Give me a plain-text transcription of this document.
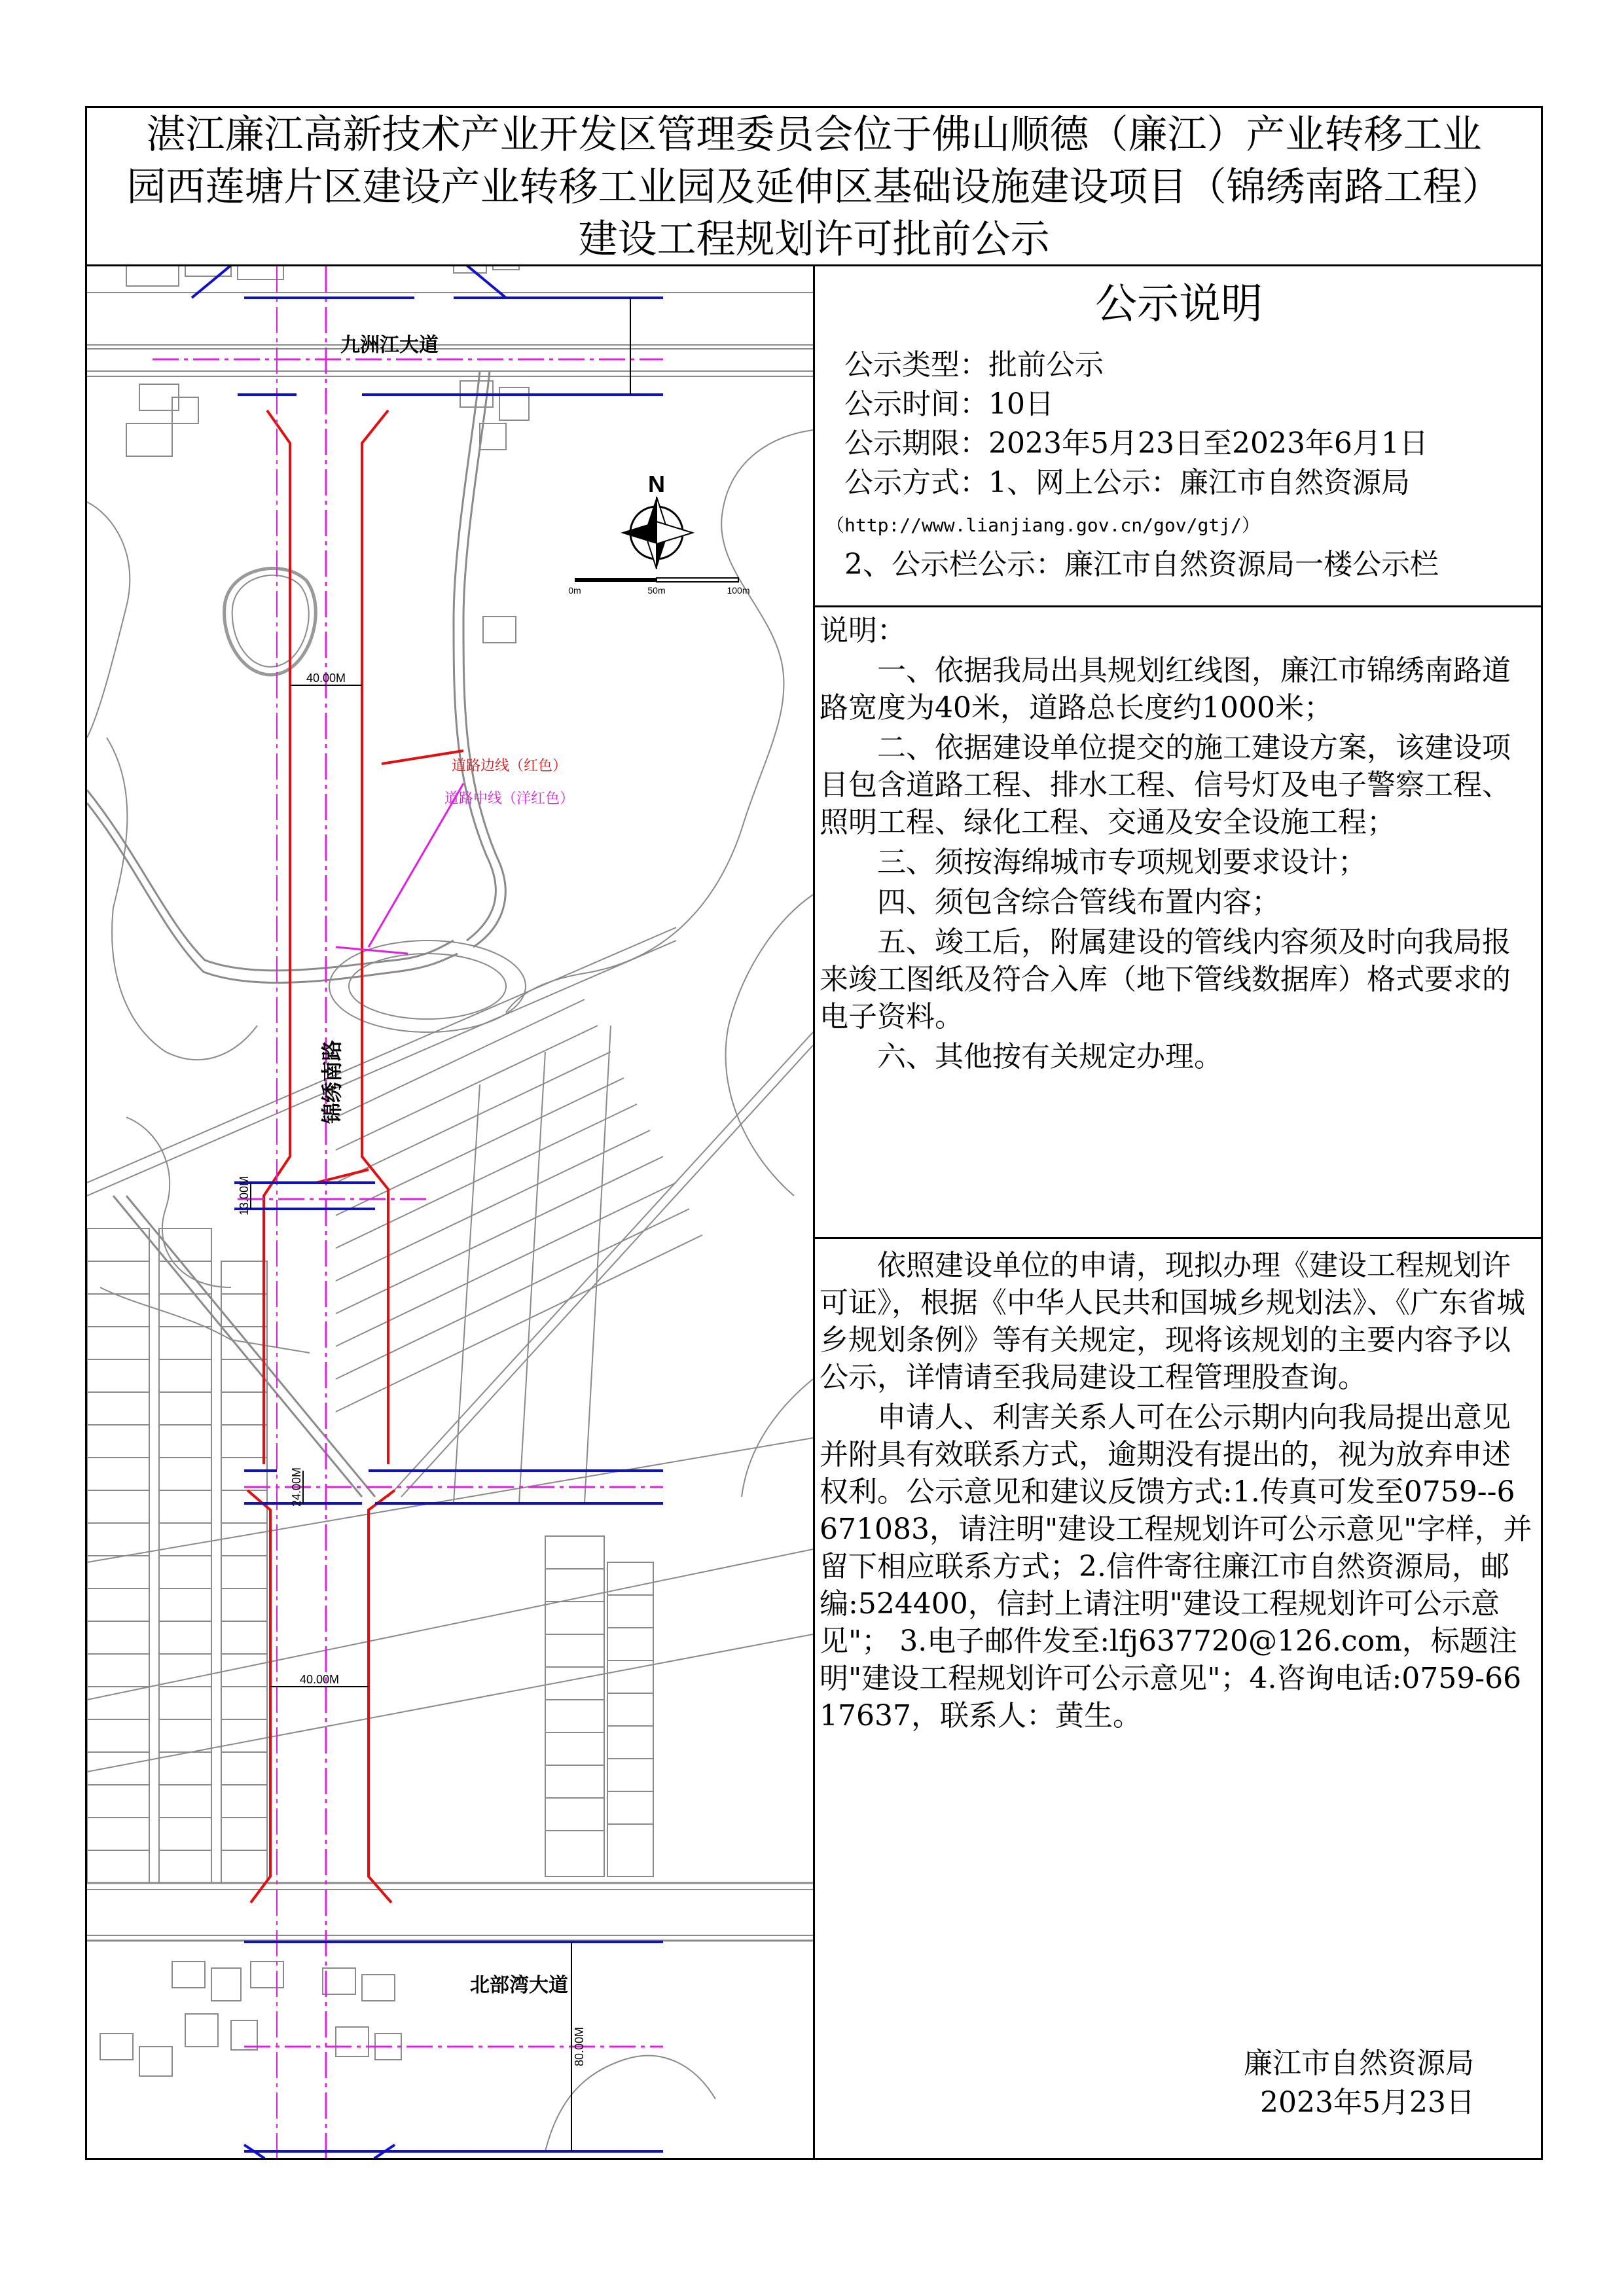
湛江廉江高新技术产业开发区管理委员会位于佛山顺德（廉江）产业转移工业
园西莲塘片区建设产业转移工业园及延伸区基础设施建设项目（锦绣南路工程）
建设工程规划许可批前公示
N
0m	50m	100m
九洲江大道
北部湾大道
锦绣南路
40.00M
40.00M
13.00M
24.00M
80.00M
道路边线（红色）
道路中线（洋红色）
公示说明
公示类型：批前公示
公示时间：10日
公示期限：2023年5月23日至2023年6月1日
公示方式：1、网上公示：廉江市自然资源局
（http://www.lianjiang.gov.cn/gov/gtj/）
2、公示栏公示：廉江市自然资源局一楼公示栏

说明：

一、依据我局出具规划红线图，廉江市锦绣南路道路宽度为40米，道路总长度约1000米；

二、依据建设单位提交的施工建设方案，该建设项目包含道路工程、排水工程、信号灯及电子警察工程、照明工程、绿化工程、交通及安全设施工程；

三、须按海绵城市专项规划要求设计；

四、须包含综合管线布置内容；

五、竣工后，附属建设的管线内容须及时向我局报来竣工图纸及符合入库（地下管线数据库）格式要求的电子资料。

六、其他按有关规定办理。

依照建设单位的申请，现拟办理《建设工程规划许可证》，根据《中华人民共和国城乡规划法》、《广东省城乡规划条例》等有关规定，现将该规划的主要内容予以公示，详情请至我局建设工程管理股查询。

申请人、利害关系人可在公示期内向我局提出意见并附具有效联系方式，逾期没有提出的，视为放弃申述权利。公示意见和建议反馈方式:1.传真可发至0759--6671083，请注明"建设工程规划许可公示意见"字样，并留下相应联系方式；2.信件寄往廉江市自然资源局，邮编:524400，信封上请注明"建设工程规划许可公示意见"； 3.电子邮件发至:lfj637720@126.com，标题注明"建设工程规划许可公示意见"；4.咨询电话:0759-6617637，联系人：黄生。

廉江市自然资源局
2023年5月23日
